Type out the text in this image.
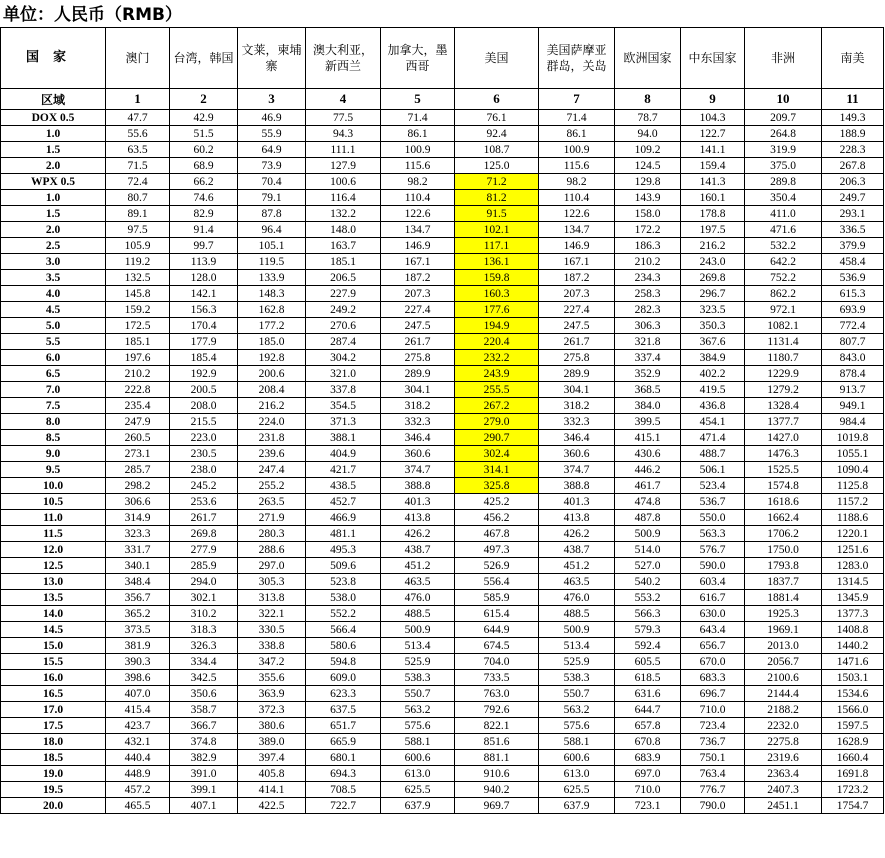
单位：人民币（RMB）
国家	澳门	台湾，韩国	文莱，柬埔寨	澳大利亚，新西兰	加拿大，墨西哥	美国	美国萨摩亚群岛，关岛	欧洲国家	中东国家	非洲	南美
区域	1	2	3	4	5	6	7	8	9	10	11
DOX 0.5	47.7	42.9	46.9	77.5	71.4	76.1	71.4	78.7	104.3	209.7	149.3
1.0	55.6	51.5	55.9	94.3	86.1	92.4	86.1	94.0	122.7	264.8	188.9
1.5	63.5	60.2	64.9	111.1	100.9	108.7	100.9	109.2	141.1	319.9	228.3
2.0	71.5	68.9	73.9	127.9	115.6	125.0	115.6	124.5	159.4	375.0	267.8
WPX 0.5	72.4	66.2	70.4	100.6	98.2	71.2	98.2	129.8	141.3	289.8	206.3
1.0	80.7	74.6	79.1	116.4	110.4	81.2	110.4	143.9	160.1	350.4	249.7
1.5	89.1	82.9	87.8	132.2	122.6	91.5	122.6	158.0	178.8	411.0	293.1
2.0	97.5	91.4	96.4	148.0	134.7	102.1	134.7	172.2	197.5	471.6	336.5
2.5	105.9	99.7	105.1	163.7	146.9	117.1	146.9	186.3	216.2	532.2	379.9
3.0	119.2	113.9	119.5	185.1	167.1	136.1	167.1	210.2	243.0	642.2	458.4
3.5	132.5	128.0	133.9	206.5	187.2	159.8	187.2	234.3	269.8	752.2	536.9
4.0	145.8	142.1	148.3	227.9	207.3	160.3	207.3	258.3	296.7	862.2	615.3
4.5	159.2	156.3	162.8	249.2	227.4	177.6	227.4	282.3	323.5	972.1	693.9
5.0	172.5	170.4	177.2	270.6	247.5	194.9	247.5	306.3	350.3	1082.1	772.4
5.5	185.1	177.9	185.0	287.4	261.7	220.4	261.7	321.8	367.6	1131.4	807.7
6.0	197.6	185.4	192.8	304.2	275.8	232.2	275.8	337.4	384.9	1180.7	843.0
6.5	210.2	192.9	200.6	321.0	289.9	243.9	289.9	352.9	402.2	1229.9	878.4
7.0	222.8	200.5	208.4	337.8	304.1	255.5	304.1	368.5	419.5	1279.2	913.7
7.5	235.4	208.0	216.2	354.5	318.2	267.2	318.2	384.0	436.8	1328.4	949.1
8.0	247.9	215.5	224.0	371.3	332.3	279.0	332.3	399.5	454.1	1377.7	984.4
8.5	260.5	223.0	231.8	388.1	346.4	290.7	346.4	415.1	471.4	1427.0	1019.8
9.0	273.1	230.5	239.6	404.9	360.6	302.4	360.6	430.6	488.7	1476.3	1055.1
9.5	285.7	238.0	247.4	421.7	374.7	314.1	374.7	446.2	506.1	1525.5	1090.4
10.0	298.2	245.2	255.2	438.5	388.8	325.8	388.8	461.7	523.4	1574.8	1125.8
10.5	306.6	253.6	263.5	452.7	401.3	425.2	401.3	474.8	536.7	1618.6	1157.2
11.0	314.9	261.7	271.9	466.9	413.8	456.2	413.8	487.8	550.0	1662.4	1188.6
11.5	323.3	269.8	280.3	481.1	426.2	467.8	426.2	500.9	563.3	1706.2	1220.1
12.0	331.7	277.9	288.6	495.3	438.7	497.3	438.7	514.0	576.7	1750.0	1251.6
12.5	340.1	285.9	297.0	509.6	451.2	526.9	451.2	527.0	590.0	1793.8	1283.0
13.0	348.4	294.0	305.3	523.8	463.5	556.4	463.5	540.2	603.4	1837.7	1314.5
13.5	356.7	302.1	313.8	538.0	476.0	585.9	476.0	553.2	616.7	1881.4	1345.9
14.0	365.2	310.2	322.1	552.2	488.5	615.4	488.5	566.3	630.0	1925.3	1377.3
14.5	373.5	318.3	330.5	566.4	500.9	644.9	500.9	579.3	643.4	1969.1	1408.8
15.0	381.9	326.3	338.8	580.6	513.4	674.5	513.4	592.4	656.7	2013.0	1440.2
15.5	390.3	334.4	347.2	594.8	525.9	704.0	525.9	605.5	670.0	2056.7	1471.6
16.0	398.6	342.5	355.6	609.0	538.3	733.5	538.3	618.5	683.3	2100.6	1503.1
16.5	407.0	350.6	363.9	623.3	550.7	763.0	550.7	631.6	696.7	2144.4	1534.6
17.0	415.4	358.7	372.3	637.5	563.2	792.6	563.2	644.7	710.0	2188.2	1566.0
17.5	423.7	366.7	380.6	651.7	575.6	822.1	575.6	657.8	723.4	2232.0	1597.5
18.0	432.1	374.8	389.0	665.9	588.1	851.6	588.1	670.8	736.7	2275.8	1628.9
18.5	440.4	382.9	397.4	680.1	600.6	881.1	600.6	683.9	750.1	2319.6	1660.4
19.0	448.9	391.0	405.8	694.3	613.0	910.6	613.0	697.0	763.4	2363.4	1691.8
19.5	457.2	399.1	414.1	708.5	625.5	940.2	625.5	710.0	776.7	2407.3	1723.2
20.0	465.5	407.1	422.5	722.7	637.9	969.7	637.9	723.1	790.0	2451.1	1754.7
